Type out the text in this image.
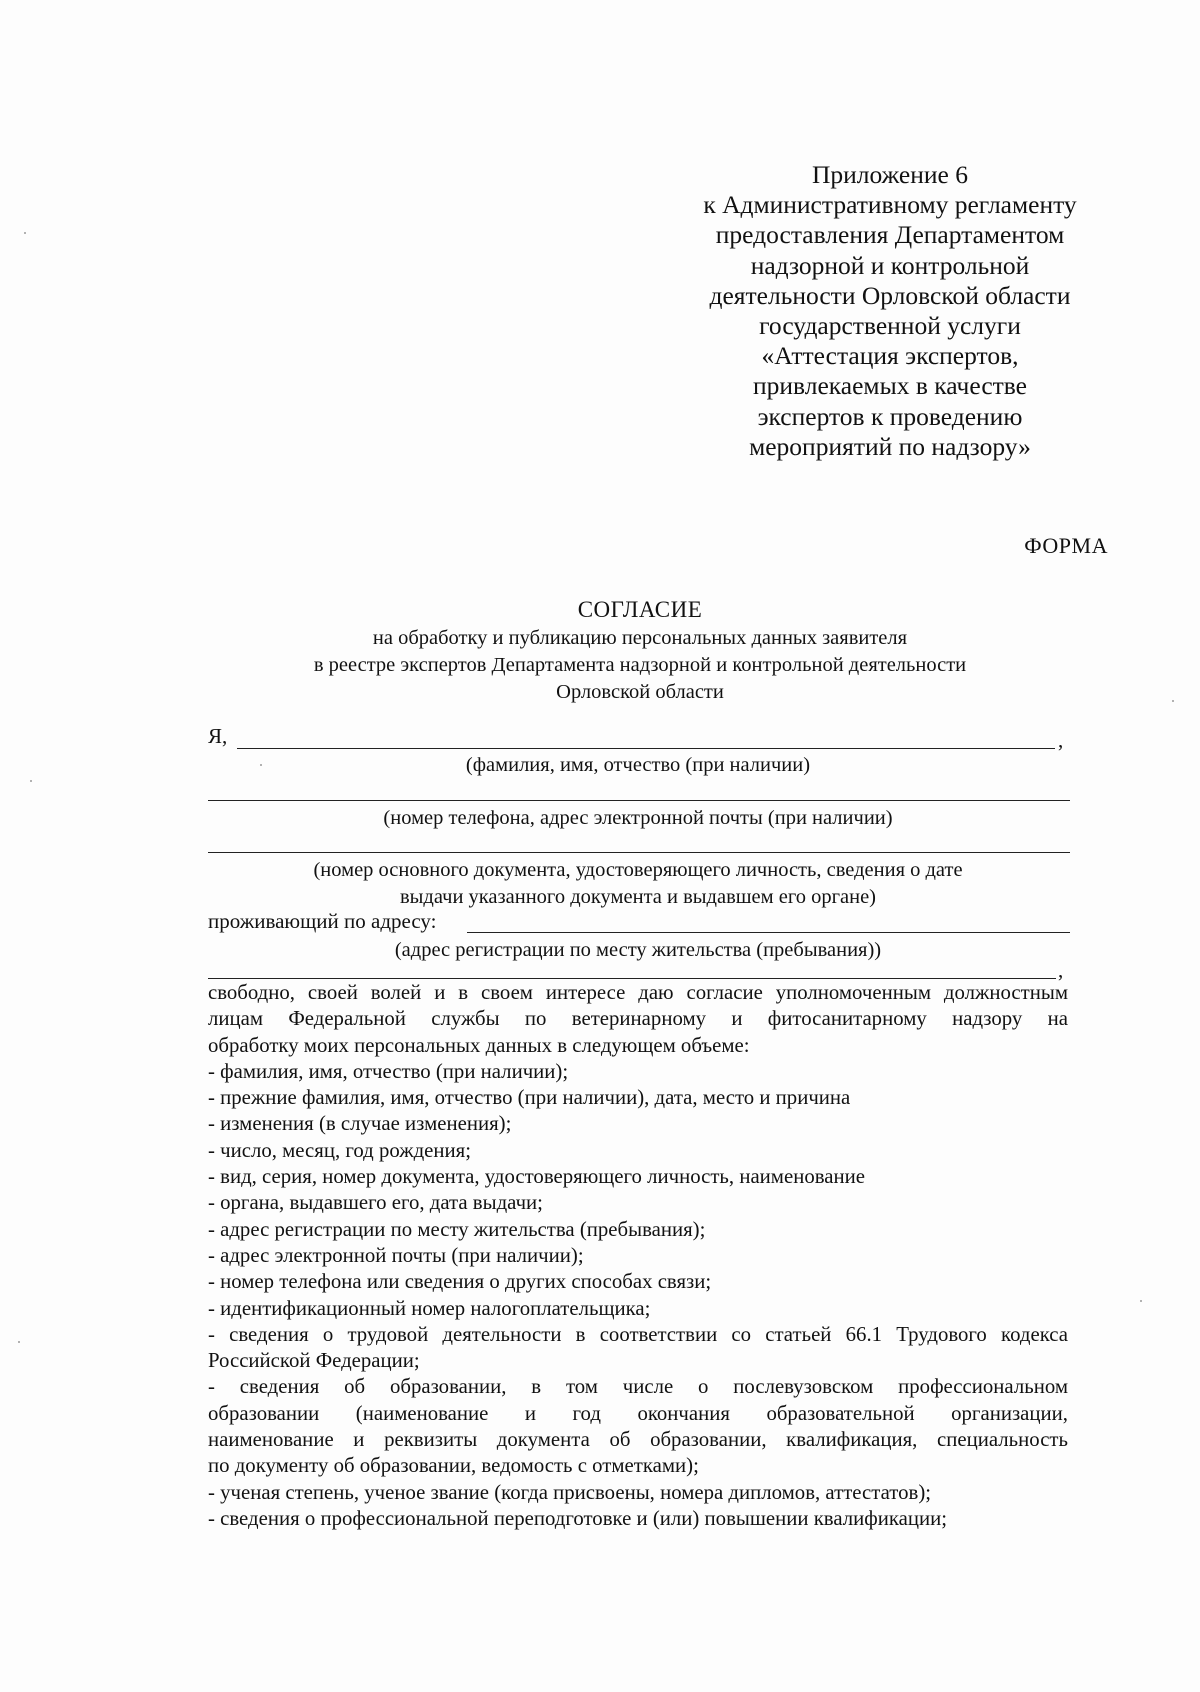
Приложение 6
к Административному регламенту
предоставления Департаментом
надзорной и контрольной
деятельности Орловской области
государственной услуги
«Аттестация экспертов,
привлекаемых в качестве
экспертов к проведению
мероприятий по надзору»
ФОРМА
СОГЛАСИЕ
на обработку и публикацию персональных данных заявителя
в реестре экспертов Департамента надзорной и контрольной деятельности
Орловской области
Я,	,
(фамилия, имя, отчество (при наличии)
(номер телефона, адрес электронной почты (при наличии)
(номер основного документа, удостоверяющего личность, сведения о дате
выдачи указанного документа и выдавшем его органе)
проживающий по адресу:
(адрес регистрации по месту жительства (пребывания))
,

свободно, своей волей и в своем интересе даю согласие уполномоченным должностным

лицам Федеральной службы по ветеринарному и фитосанитарному надзору на

обработку моих персональных данных в следующем объеме:

- фамилия, имя, отчество (при наличии);

- прежние фамилия, имя, отчество (при наличии), дата, место и причина

- изменения (в случае изменения);

- число, месяц, год рождения;

- вид, серия, номер документа, удостоверяющего личность, наименование

- органа, выдавшего его, дата выдачи;

- адрес регистрации по месту жительства (пребывания);

- адрес электронной почты (при наличии);

- номер телефона или сведения о других способах связи;

- идентификационный номер налогоплательщика;

- сведения о трудовой деятельности в соответствии со статьей 66.1 Трудового кодекса

Российской Федерации;

- сведения об образовании, в том числе о послевузовском профессиональном

образовании (наименование и год окончания образовательной организации,

наименование и реквизиты документа об образовании, квалификация, специальность

по документу об образовании, ведомость с отметками);

- ученая степень, ученое звание (когда присвоены, номера дипломов, аттестатов);

- сведения о профессиональной переподготовке и (или) повышении квалификации;
